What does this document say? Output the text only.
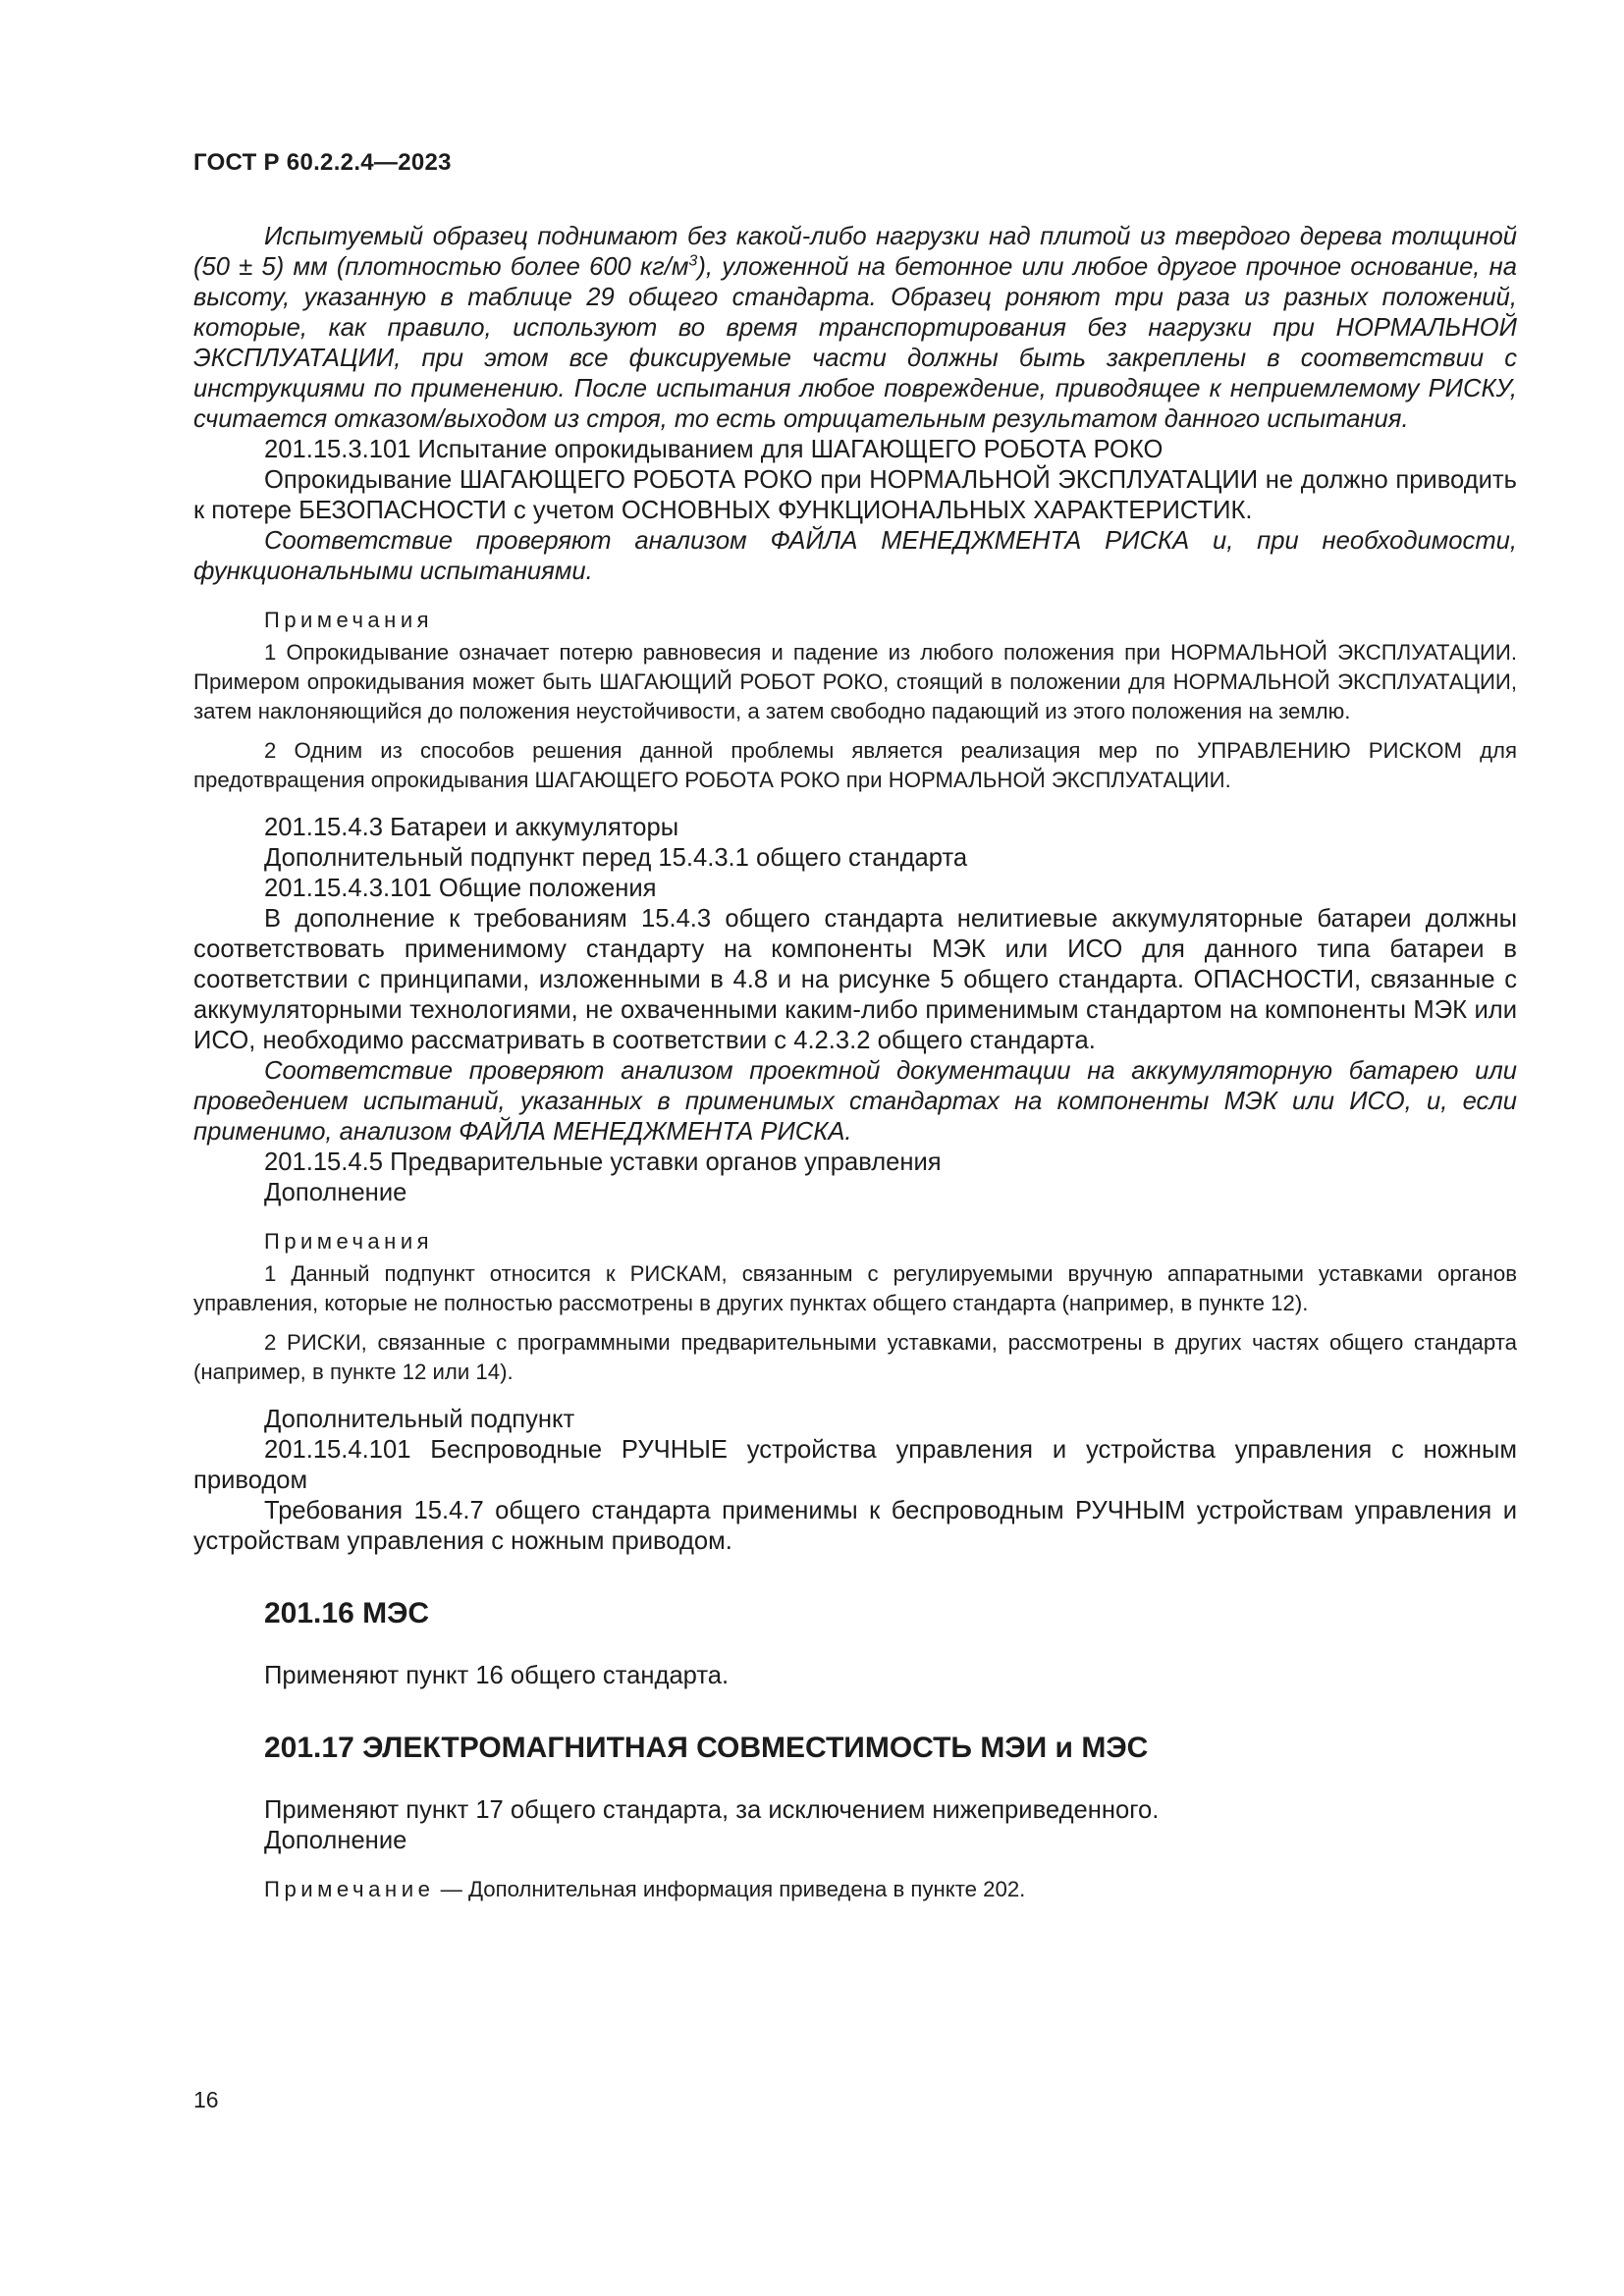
ГОСТ Р 60.2.2.4—2023

Испытуемый образец поднимают без какой-либо нагрузки над плитой из твердого дерева толщиной (50 ± 5) мм (плотностью более 600 $кг/м^3$), уложенной на бетонное или любое другое прочное основание, на высоту, указанную в таблице 29 общего стандарта. Образец роняют три раза из разных положений, которые, как правило, используют во время транспортирования без нагрузки при НОРМАЛЬНОЙ ЭКСПЛУАТАЦИИ, при этом все фиксируемые части должны быть закреплены в соответствии с инструкциями по применению. После испытания любое повреждение, приводящее к неприемлемому РИСКУ, считается отказом/выходом из строя, то есть отрицательным результатом данного испытания.

201.15.3.101 Испытание опрокидыванием для ШАГАЮЩЕГО РОБОТА РОКО

Опрокидывание ШАГАЮЩЕГО РОБОТА РОКО при НОРМАЛЬНОЙ ЭКСПЛУАТАЦИИ не должно приводить к потере БЕЗОПАСНОСТИ с учетом ОСНОВНЫХ ФУНКЦИОНАЛЬНЫХ ХАРАКТЕРИСТИК.

Соответствие проверяют анализом ФАЙЛА МЕНЕДЖМЕНТА РИСКА и, при необходимости, функциональными испытаниями.

Примечания

1 Опрокидывание означает потерю равновесия и падение из любого положения при НОРМАЛЬНОЙ ЭКСПЛУАТАЦИИ. Примером опрокидывания может быть ШАГАЮЩИЙ РОБОТ РОКО, стоящий в положении для НОРМАЛЬНОЙ ЭКСПЛУАТАЦИИ, затем наклоняющийся до положения неустойчивости, а затем свободно падающий из этого положения на землю.

2 Одним из способов решения данной проблемы является реализация мер по УПРАВЛЕНИЮ РИСКОМ для предотвращения опрокидывания ШАГАЮЩЕГО РОБОТА РОКО при НОРМАЛЬНОЙ ЭКСПЛУАТАЦИИ.

201.15.4.3 Батареи и аккумуляторы

Дополнительный подпункт перед 15.4.3.1 общего стандарта

201.15.4.3.101 Общие положения

В дополнение к требованиям 15.4.3 общего стандарта нелитиевые аккумуляторные батареи должны соответствовать применимому стандарту на компоненты МЭК или ИСО для данного типа батареи в соответствии с принципами, изложенными в 4.8 и на рисунке 5 общего стандарта. ОПАСНОСТИ, связанные с аккумуляторными технологиями, не охваченными каким-либо применимым стандартом на компоненты МЭК или ИСО, необходимо рассматривать в соответствии с 4.2.3.2 общего стандарта.

Соответствие проверяют анализом проектной документации на аккумуляторную батарею или проведением испытаний, указанных в применимых стандартах на компоненты МЭК или ИСО, и, если применимо, анализом ФАЙЛА МЕНЕДЖМЕНТА РИСКА.

201.15.4.5 Предварительные уставки органов управления

Дополнение

Примечания

1 Данный подпункт относится к РИСКАМ, связанным с регулируемыми вручную аппаратными уставками органов управления, которые не полностью рассмотрены в других пунктах общего стандарта (например, в пункте 12).

2 РИСКИ, связанные с программными предварительными уставками, рассмотрены в других частях общего стандарта (например, в пункте 12 или 14).

Дополнительный подпункт

201.15.4.101 Беспроводные РУЧНЫЕ устройства управления и устройства управления с ножным приводом

Требования 15.4.7 общего стандарта применимы к беспроводным РУЧНЫМ устройствам управления и устройствам управления с ножным приводом.

201.16 МЭС

Применяют пункт 16 общего стандарта.

201.17 ЭЛЕКТРОМАГНИТНАЯ СОВМЕСТИМОСТЬ МЭИ и МЭС

Применяют пункт 17 общего стандарта, за исключением нижеприведенного.

Дополнение

Примечание — Дополнительная информация приведена в пункте 202.

16
